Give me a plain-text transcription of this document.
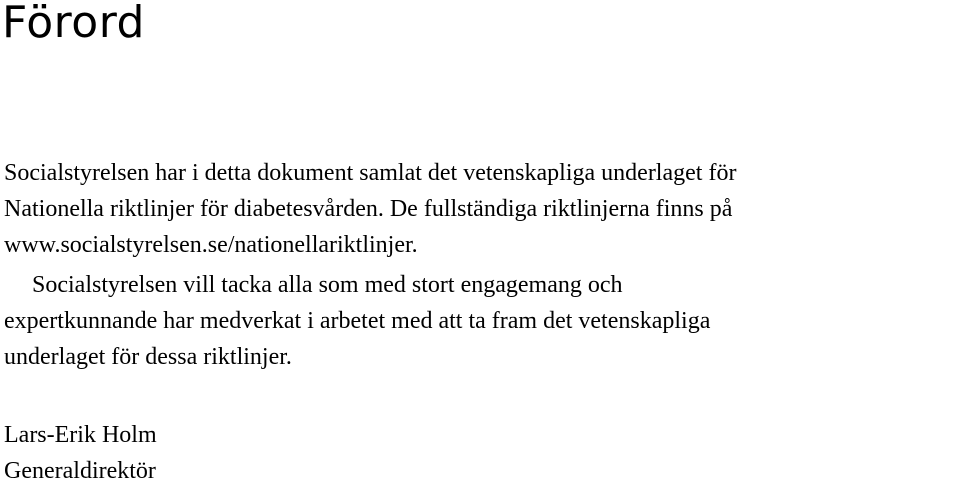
Förord
Socialstyrelsen har i detta dokument samlat det vetenskapliga underlaget för
Nationella riktlinjer för diabetesvården. De fullständiga riktlinjerna finns på
www.socialstyrelsen.se/nationellariktlinjer.
Socialstyrelsen vill tacka alla som med stort engagemang och
expertkunnande har medverkat i arbetet med att ta fram det vetenskapliga
underlaget för dessa riktlinjer.
Lars-Erik Holm
Generaldirektör
